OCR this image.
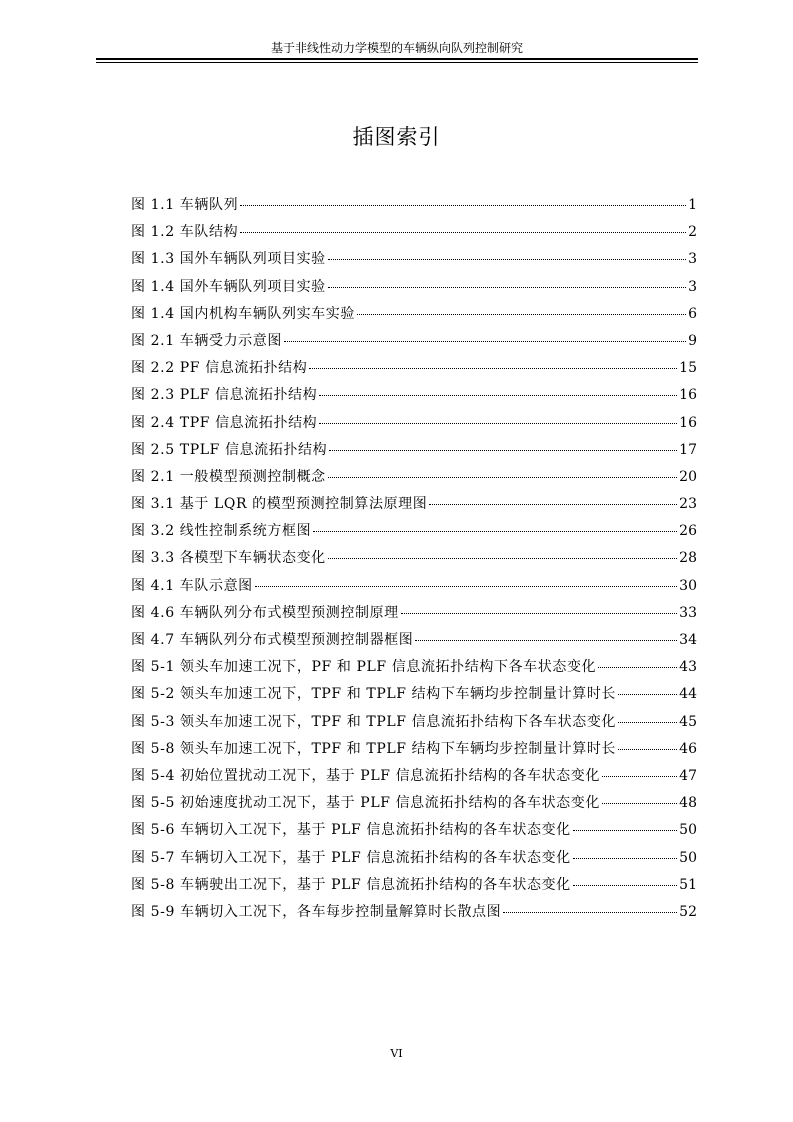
基于非线性动力学模型的车辆纵向队列控制研究
插图索引
图 1.1 车辆队列	1
图 1.2 车队结构	2
图 1.3 国外车辆队列项目实验	3
图 1.4 国外车辆队列项目实验	3
图 1.4 国内机构车辆队列实车实验	6
图 2.1 车辆受力示意图	9
图 2.2 PF 信息流拓扑结构	15
图 2.3 PLF 信息流拓扑结构	16
图 2.4 TPF 信息流拓扑结构	16
图 2.5 TPLF 信息流拓扑结构	17
图 2.1 一般模型预测控制概念	20
图 3.1 基于 LQR 的模型预测控制算法原理图	23
图 3.2 线性控制系统方框图	26
图 3.3 各模型下车辆状态变化	28
图 4.1 车队示意图	30
图 4.6 车辆队列分布式模型预测控制原理	33
图 4.7 车辆队列分布式模型预测控制器框图	34
图 5-1 领头车加速工况下，PF 和 PLF 信息流拓扑结构下各车状态变化	43
图 5-2 领头车加速工况下，TPF 和 TPLF 结构下车辆均步控制量计算时长	44
图 5-3 领头车加速工况下，TPF 和 TPLF 信息流拓扑结构下各车状态变化	45
图 5-8 领头车加速工况下，TPF 和 TPLF 结构下车辆均步控制量计算时长	46
图 5-4 初始位置扰动工况下，基于 PLF 信息流拓扑结构的各车状态变化	47
图 5-5 初始速度扰动工况下，基于 PLF 信息流拓扑结构的各车状态变化	48
图 5-6 车辆切入工况下，基于 PLF 信息流拓扑结构的各车状态变化	50
图 5-7 车辆切入工况下，基于 PLF 信息流拓扑结构的各车状态变化	50
图 5-8 车辆驶出工况下，基于 PLF 信息流拓扑结构的各车状态变化	51
图 5-9 车辆切入工况下，各车每步控制量解算时长散点图	52
VI
